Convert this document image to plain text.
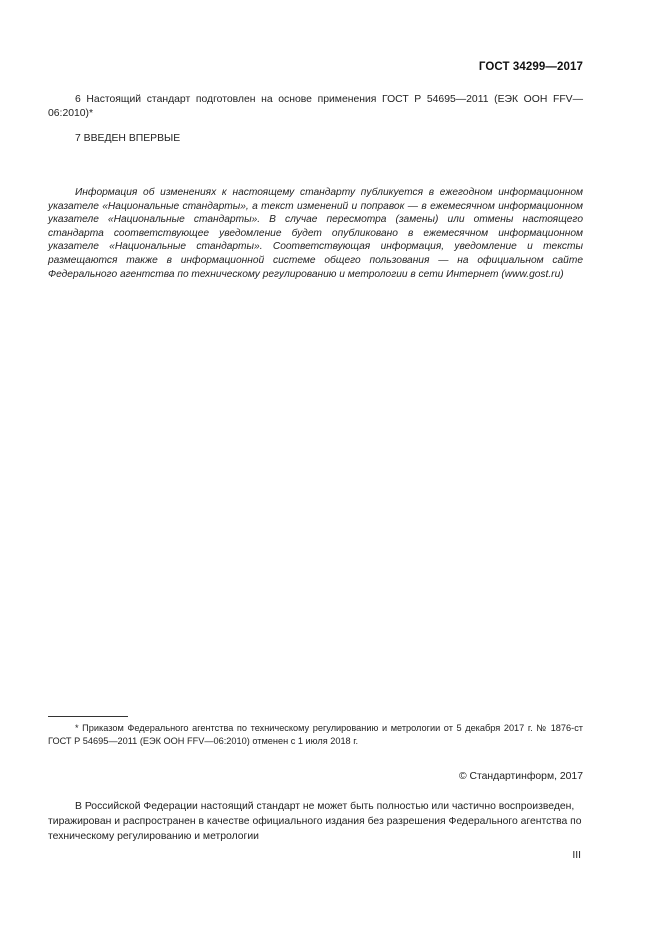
ГОСТ 34299—2017

6 Настоящий стандарт подготовлен на основе применения ГОСТ Р 54695—2011 (ЕЭК ООН FFV—06:2010)*

7 ВВЕДЕН ВПЕРВЫЕ

Информация об изменениях к настоящему стандарту публикуется в ежегодном информационном указателе «Национальные стандарты», а текст изменений и поправок — в ежемесячном информационном указателе «Национальные стандарты». В случае пересмотра (замены) или отмены настоящего стандарта соответствующее уведомление будет опубликовано в ежемесячном информационном указателе «Национальные стандарты». Соответствующая информация, уведомление и тексты размещаются также в информационной системе общего пользования — на официальном сайте Федерального агентства по техническому регулированию и метрологии в сети Интернет (www.gost.ru)

* Приказом Федерального агентства по техническому регулированию и метрологии от 5 декабря 2017 г. № 1876-ст ГОСТ Р 54695—2011 (ЕЭК ООН FFV—06:2010) отменен с 1 июля 2018 г.

© Стандартинформ, 2017

В Российской Федерации настоящий стандарт не может быть полностью или частично воспроизведен, тиражирован и распространен в качестве официального издания без разрешения Федерального агентства по техническому регулированию и метрологии

III
